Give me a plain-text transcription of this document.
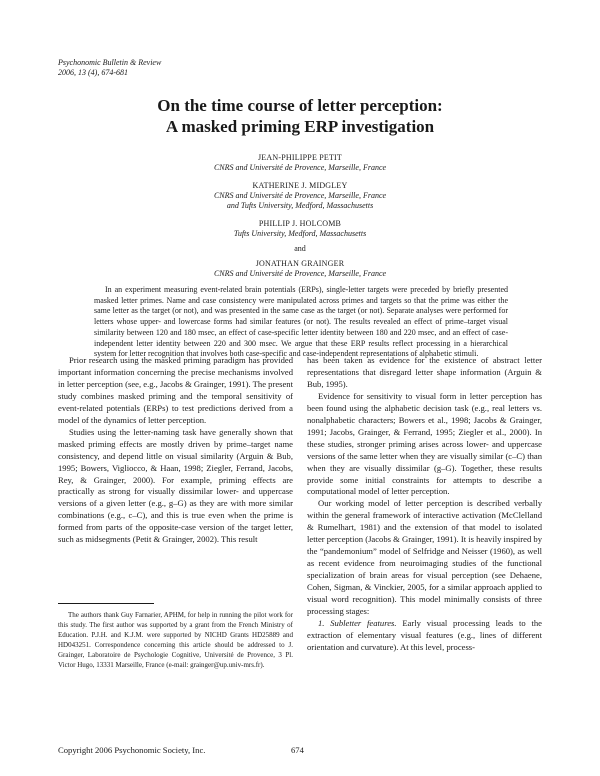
Psychonomic Bulletin & Review
2006, 13 (4), 674-681
On the time course of letter perception:
A masked priming ERP investigation
JEAN-PHILIPPE PETIT
CNRS and Université de Provence, Marseille, France
KATHERINE J. MIDGLEY
CNRS and Université de Provence, Marseille, France
and Tufts University, Medford, Massachusetts
PHILLIP J. HOLCOMB
Tufts University, Medford, Massachusetts
and
JONATHAN GRAINGER
CNRS and Université de Provence, Marseille, France
In an experiment measuring event-related brain potentials (ERPs), single-letter targets were preceded by briefly presented masked letter primes. Name and case consistency were manipulated across primes and targets so that the prime was either the same letter as the target (or not), and was presented in the same case as the target (or not). Separate analyses were performed for letters whose upper- and lowercase forms had similar features (or not). The results revealed an effect of prime–target visual similarity between 120 and 180 msec, an effect of case-specific letter identity between 180 and 220 msec, and an effect of case-independent letter identity between 220 and 300 msec. We argue that these ERP results reflect processing in a hierarchical system for letter recognition that involves both case-specific and case-independent representations of alphabetic stimuli.

Prior research using the masked priming paradigm has provided important information concerning the precise mechanisms involved in letter perception (see, e.g., Jacobs & Grainger, 1991). The present study combines masked priming and the temporal sensitivity of event-related potentials (ERPs) to test predictions derived from a model of the dynamics of letter perception.

Studies using the letter-naming task have generally shown that masked priming effects are mostly driven by prime–target name consistency, and depend little on visual similarity (Arguin & Bub, 1995; Bowers, Vigliocco, & Haan, 1998; Ziegler, Ferrand, Jacobs, Rey, & Grainger, 2000). For example, priming effects are practically as strong for visually dissimilar lower- and uppercase versions of a given letter (e.g., g–G) as they are with more similar combinations (e.g., c–C), and this is true even when the prime is formed from parts of the opposite-case version of the target letter, such as midsegments (Petit & Grainger, 2002). This result

has been taken as evidence for the existence of abstract letter representations that disregard letter shape information (Arguin & Bub, 1995).

Evidence for sensitivity to visual form in letter perception has been found using the alphabetic decision task (e.g., real letters vs. nonalphabetic characters; Bowers et al., 1998; Jacobs & Grainger, 1991; Jacobs, Grainger, & Ferrand, 1995; Ziegler et al., 2000). In these studies, stronger priming arises across lower- and uppercase versions of the same letter when they are visually similar (c–C) than when they are visually dissimilar (g–G). Together, these results provide some initial constraints for attempts to describe a computational model of letter perception.

Our working model of letter perception is described verbally within the general framework of interactive activation (McClelland & Rumelhart, 1981) and the extension of that model to isolated letter perception (Jacobs & Grainger, 1991). It is heavily inspired by the “pandemonium” model of Selfridge and Neisser (1960), as well as recent evidence from neuroimaging studies of the functional specialization of brain areas for visual perception (see Dehaene, Cohen, Sigman, & Vinckier, 2005, for a similar approach applied to visual word recognition). This model minimally consists of three processing stages:

1. Subletter features. Early visual processing leads to the extraction of elementary visual features (e.g., lines of different orientation and curvature). At this level, process-

The authors thank Guy Farnarier, APHM, for help in running the pilot work for this study. The first author was supported by a grant from the French Ministry of Education. P.J.H. and K.J.M. were supported by NICHD Grants HD25889 and HD043251. Correspondence concerning this article should be addressed to J. Grainger, Laboratoire de Psychologie Cognitive, Université de Provence, 3 Pl. Victor Hugo, 13331 Marseille, France (e-mail: grainger@up.univ-mrs.fr).
Copyright 2006 Psychonomic Society, Inc.	674
